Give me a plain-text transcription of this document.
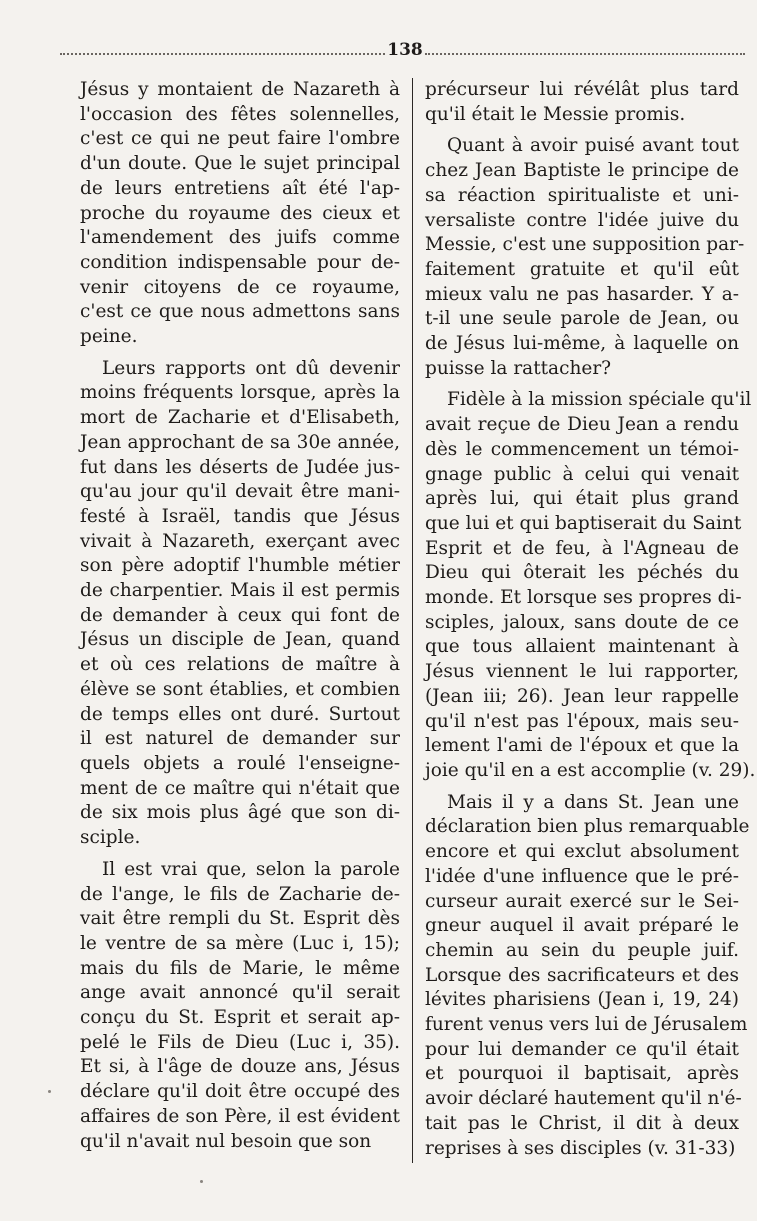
138
Jésus y montaient de Nazareth à
l'occasion des fêtes solennelles,
c'est ce qui ne peut faire l'ombre
d'un doute. Que le sujet principal
de leurs entretiens aît été l'ap-
proche du royaume des cieux et
l'amendement des juifs comme
condition indispensable pour de-
venir citoyens de ce royaume,
c'est ce que nous admettons sans
peine.
Leurs rapports ont dû devenir
moins fréquents lorsque, après la
mort de Zacharie et d'Elisabeth,
Jean approchant de sa 30e année,
fut dans les déserts de Judée jus-
qu'au jour qu'il devait être mani-
festé à Israël, tandis que Jésus
vivait à Nazareth, exerçant avec
son père adoptif l'humble métier
de charpentier. Mais il est permis
de demander à ceux qui font de
Jésus un disciple de Jean, quand
et où ces relations de maître à
élève se sont établies, et combien
de temps elles ont duré. Surtout
il est naturel de demander sur
quels objets a roulé l'enseigne-
ment de ce maître qui n'était que
de six mois plus âgé que son di-
sciple.
Il est vrai que, selon la parole
de l'ange, le fils de Zacharie de-
vait être rempli du St. Esprit dès
le ventre de sa mère (Luc i, 15);
mais du fils de Marie, le même
ange avait annoncé qu'il serait
conçu du St. Esprit et serait ap-
pelé le Fils de Dieu (Luc i, 35).
Et si, à l'âge de douze ans, Jésus
déclare qu'il doit être occupé des
affaires de son Père, il est évident
qu'il n'avait nul besoin que son
précurseur lui révélât plus tard
qu'il était le Messie promis.
Quant à avoir puisé avant tout
chez Jean Baptiste le principe de
sa réaction spiritualiste et uni-
versaliste contre l'idée juive du
Messie, c'est une supposition par-
faitement gratuite et qu'il eût
mieux valu ne pas hasarder. Y a-
t-il une seule parole de Jean, ou
de Jésus lui-même, à laquelle on
puisse la rattacher?
Fidèle à la mission spéciale qu'il
avait reçue de Dieu Jean a rendu
dès le commencement un témoi-
gnage public à celui qui venait
après lui, qui était plus grand
que lui et qui baptiserait du Saint
Esprit et de feu, à l'Agneau de
Dieu qui ôterait les péchés du
monde. Et lorsque ses propres di-
sciples, jaloux, sans doute de ce
que tous allaient maintenant à
Jésus viennent le lui rapporter,
(Jean iii; 26). Jean leur rappelle
qu'il n'est pas l'époux, mais seu-
lement l'ami de l'époux et que la
joie qu'il en a est accomplie (v. 29).
Mais il y a dans St. Jean une
déclaration bien plus remarquable
encore et qui exclut absolument
l'idée d'une influence que le pré-
curseur aurait exercé sur le Sei-
gneur auquel il avait préparé le
chemin au sein du peuple juif.
Lorsque des sacrificateurs et des
lévites pharisiens (Jean i, 19, 24)
furent venus vers lui de Jérusalem
pour lui demander ce qu'il était
et pourquoi il baptisait, après
avoir déclaré hautement qu'il n'é-
tait pas le Christ, il dit à deux
reprises à ses disciples (v. 31-33)
